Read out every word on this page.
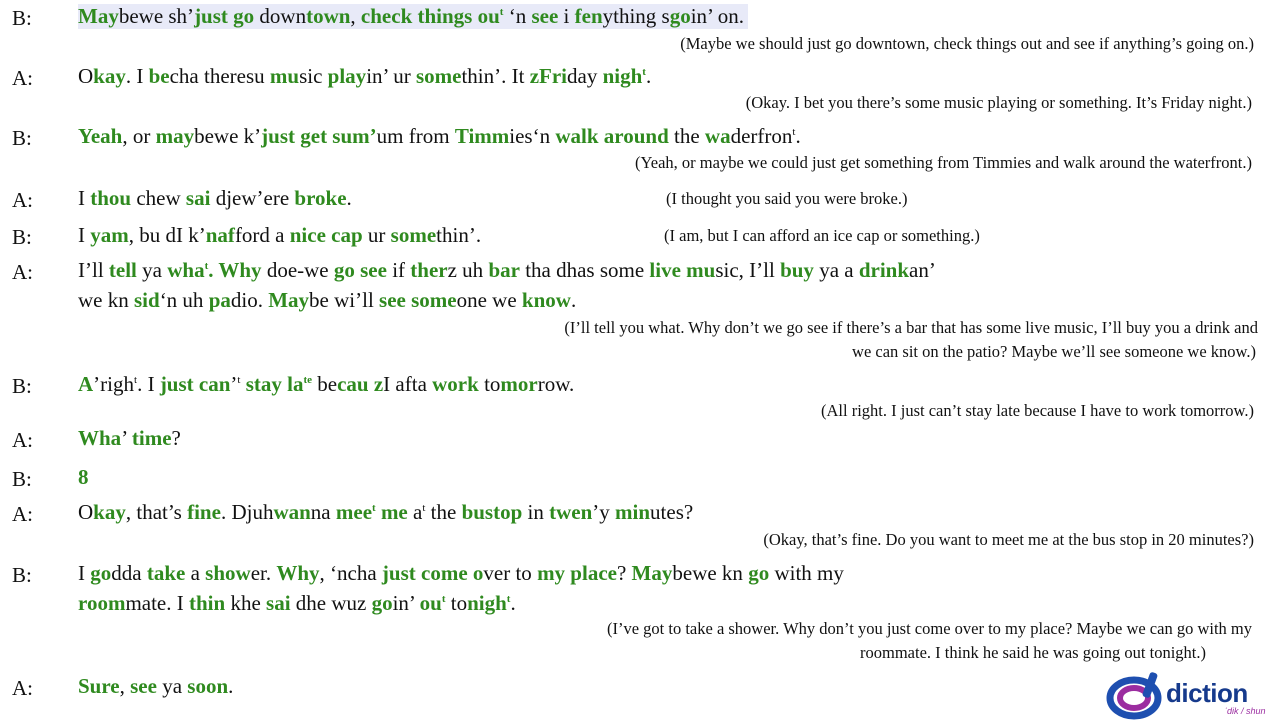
B: Maybewe sh’just go downtown, check things $ou^t$ ‘n see i fenything sgoin’ on.
(Maybe we should just go downtown, check things out and see if anything’s going on.)
A: Okay. I becha theresu music playin’ ur somethin’. It zFriday nigh$^t$.
(Okay. I bet you there’s some music playing or something. It’s Friday night.)
B: Yeah, or maybewe k’just get sum’um from Timmies‘n walk around the waderfron$^t$.
(Yeah, or maybe we could just get something from Timmies and walk around the waterfront.)
A: I thou chew sai djew’ere broke.	(I thought you said you were broke.)
B: I yam, bu dI k’nafford a nice cap ur somethin’.	(I am, but I can afford an ice cap or something.)
A: I’ll tell ya wha$^t$. Why doe-we go see if therz uh bar tha dhas some live music, I’ll buy ya a drinkan’
we kn sid‘n uh padio. Maybe wi’ll see someone we know.
(I’ll tell you what. Why don’t we go see if there’s a bar that has some live music, I’ll buy you a drink and
we can sit on the patio? Maybe we’ll see someone we know.)
B: A’righ$^t$. I just can’$^t$ stay $la^{te}$ becau zI afta work tomorrow.
(All right. I just can’t stay late because I have to work tomorrow.)
A: Wha’ time?
B: 8
A: Okay, that’s fine. Djuhwanna mee$^t$ me $a^t$ the bustop in twen’y minutes?
(Okay, that’s fine. Do you want to meet me at the bus stop in 20 minutes?)
B: I godda take a shower. Why, ‘ncha just come over to my place? Maybewe kn go with my
roommate. I thin khe sai dhe wuz goin’ $ou^t$ tonigh$^t$.
(I’ve got to take a shower. Why don’t you just come over to my place? Maybe we can go with my
roommate. I think he said he was going out tonight.)
A: Sure, see ya soon.	diction
ˈdik / shun
